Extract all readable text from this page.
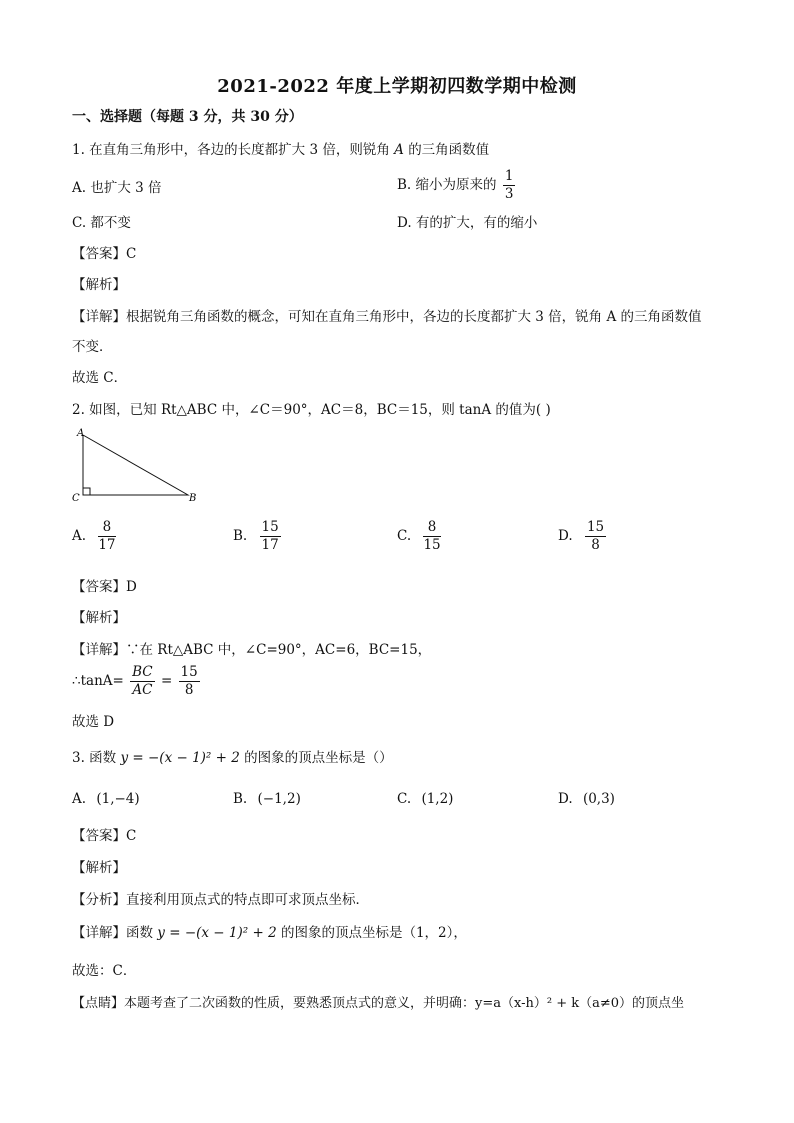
2021-2022 年度上学期初四数学期中检测
一、选择题（每题 3 分，共 30 分）
1. 在直角三角形中，各边的长度都扩大 3 倍，则锐角 A 的三角函数值
A. 也扩大 3 倍	B. 缩小为原来的 $\frac{1}{3}$
C. 都不变	D. 有的扩大，有的缩小
【答案】C
【解析】
【详解】根据锐角三角函数的概念，可知在直角三角形中，各边的长度都扩大 3 倍，锐角 A 的三角函数值
不变．
故选 C．
2. 如图，已知 Rt△ABC 中，∠C＝90°，AC＝8，BC＝15，则 tanA 的值为( )
A
C	B
A. $\frac{8}{17}$	B. $\frac{15}{17}$	C. $\frac{8}{15}$	D. $\frac{15}{8}$
【答案】D
【解析】
【详解】∵在 Rt△ABC 中，∠C=90°，AC=6，BC=15，
∴tanA= $\frac{BC}{AC} = \frac{15}{8}$
故选 D
3. 函数 y = −(x − 1)² + 2 的图象的顶点坐标是（）
A. (1,−4)	B. (−1,2)	C. (1,2)	D. (0,3)
【答案】C
【解析】
【分析】直接利用顶点式的特点即可求顶点坐标．
【详解】函数 y = −(x − 1)² + 2 的图象的顶点坐标是（1，2），
故选：C．
【点睛】本题考查了二次函数的性质，要熟悉顶点式的意义，并明确：y=a（x-h）² + k（a≠0）的顶点坐
